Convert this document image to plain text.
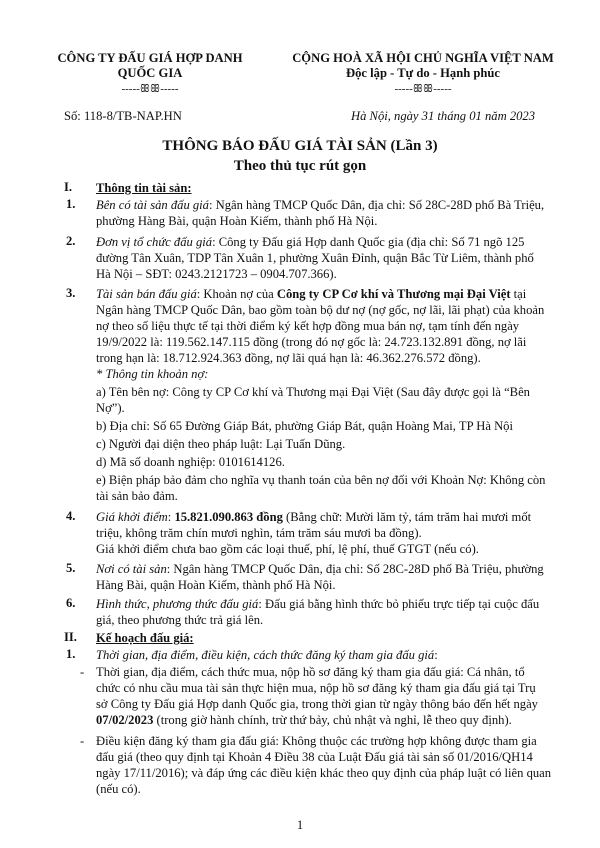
CÔNG TY ĐẤU GIÁ HỢP DANH
QUỐC GIA
-----ꕥꕥ-----
CỘNG HOÀ XÃ HỘI CHỦ NGHĨA VIỆT NAM
Độc lập - Tự do - Hạnh phúc
-----ꕥꕥ-----
Số: 118-8/TB-NAP.HN	Hà Nội, ngày 31 tháng 01 năm 2023
THÔNG BÁO ĐẤU GIÁ TÀI SẢN (Lần 3)
Theo thủ tục rút gọn
I. Thông tin tài sản:
1. Bên có tài sản đấu giá: Ngân hàng TMCP Quốc Dân, địa chỉ: Số 28C-28D phố Bà Triệu,
phường Hàng Bài, quận Hoàn Kiếm, thành phố Hà Nội.
2. Đơn vị tổ chức đấu giá: Công ty Đấu giá Hợp danh Quốc gia (địa chỉ: Số 71 ngõ 125
đường Tân Xuân, TDP Tân Xuân 1, phường Xuân Đỉnh, quận Bắc Từ Liêm, thành phố
Hà Nội – SĐT: 0243.2121723 – 0904.707.366).
3. Tài sản bán đấu giá: Khoản nợ của Công ty CP Cơ khí và Thương mại Đại Việt tại
Ngân hàng TMCP Quốc Dân, bao gồm toàn bộ dư nợ (nợ gốc, nợ lãi, lãi phạt) của khoản
nợ theo số liệu thực tế tại thời điểm ký kết hợp đồng mua bán nợ, tạm tính đến ngày
19/9/2022 là: 119.562.147.115 đồng (trong đó nợ gốc là: 24.723.132.891 đồng, nợ lãi
trong hạn là: 18.712.924.363 đồng, nợ lãi quá hạn là: 46.362.276.572 đồng).
* Thông tin khoản nợ:
a) Tên bên nợ: Công ty CP Cơ khí và Thương mại Đại Việt (Sau đây được gọi là “Bên
Nợ”).
b) Địa chỉ: Số 65 Đường Giáp Bát, phường Giáp Bát, quận Hoàng Mai, TP Hà Nội
c) Người đại diện theo pháp luật: Lại Tuấn Dũng.
d) Mã số doanh nghiệp: 0101614126.
e) Biện pháp bảo đảm cho nghĩa vụ thanh toán của bên nợ đối với Khoản Nợ: Không còn
tài sản bảo đảm.
4. Giá khởi điểm: 15.821.090.863 đồng (Bằng chữ: Mười lăm tỷ, tám trăm hai mươi mốt
triệu, không trăm chín mươi nghìn, tám trăm sáu mươi ba đồng).
Giá khởi điểm chưa bao gồm các loại thuế, phí, lệ phí, thuế GTGT (nếu có).
5. Nơi có tài sản: Ngân hàng TMCP Quốc Dân, địa chỉ: Số 28C-28D phố Bà Triệu, phường
Hàng Bài, quận Hoàn Kiếm, thành phố Hà Nội.
6. Hình thức, phương thức đấu giá: Đấu giá bằng hình thức bỏ phiếu trực tiếp tại cuộc đấu
giá, theo phương thức trả giá lên.
II. Kế hoạch đấu giá:
1. Thời gian, địa điểm, điều kiện, cách thức đăng ký tham gia đấu giá:
- Thời gian, địa điểm, cách thức mua, nộp hồ sơ đăng ký tham gia đấu giá: Cá nhân, tổ
chức có nhu cầu mua tài sản thực hiện mua, nộp hồ sơ đăng ký tham gia đấu giá tại Trụ
sở Công ty Đấu giá Hợp danh Quốc gia, trong thời gian từ ngày thông báo đến hết ngày
07/02/2023 (trong giờ hành chính, trừ thứ bảy, chủ nhật và nghỉ, lễ theo quy định).
- Điều kiện đăng ký tham gia đấu giá: Không thuộc các trường hợp không được tham gia
đấu giá (theo quy định tại Khoản 4 Điều 38 của Luật Đấu giá tài sản số 01/2016/QH14
ngày 17/11/2016); và đáp ứng các điều kiện khác theo quy định của pháp luật có liên quan
(nếu có).
1
